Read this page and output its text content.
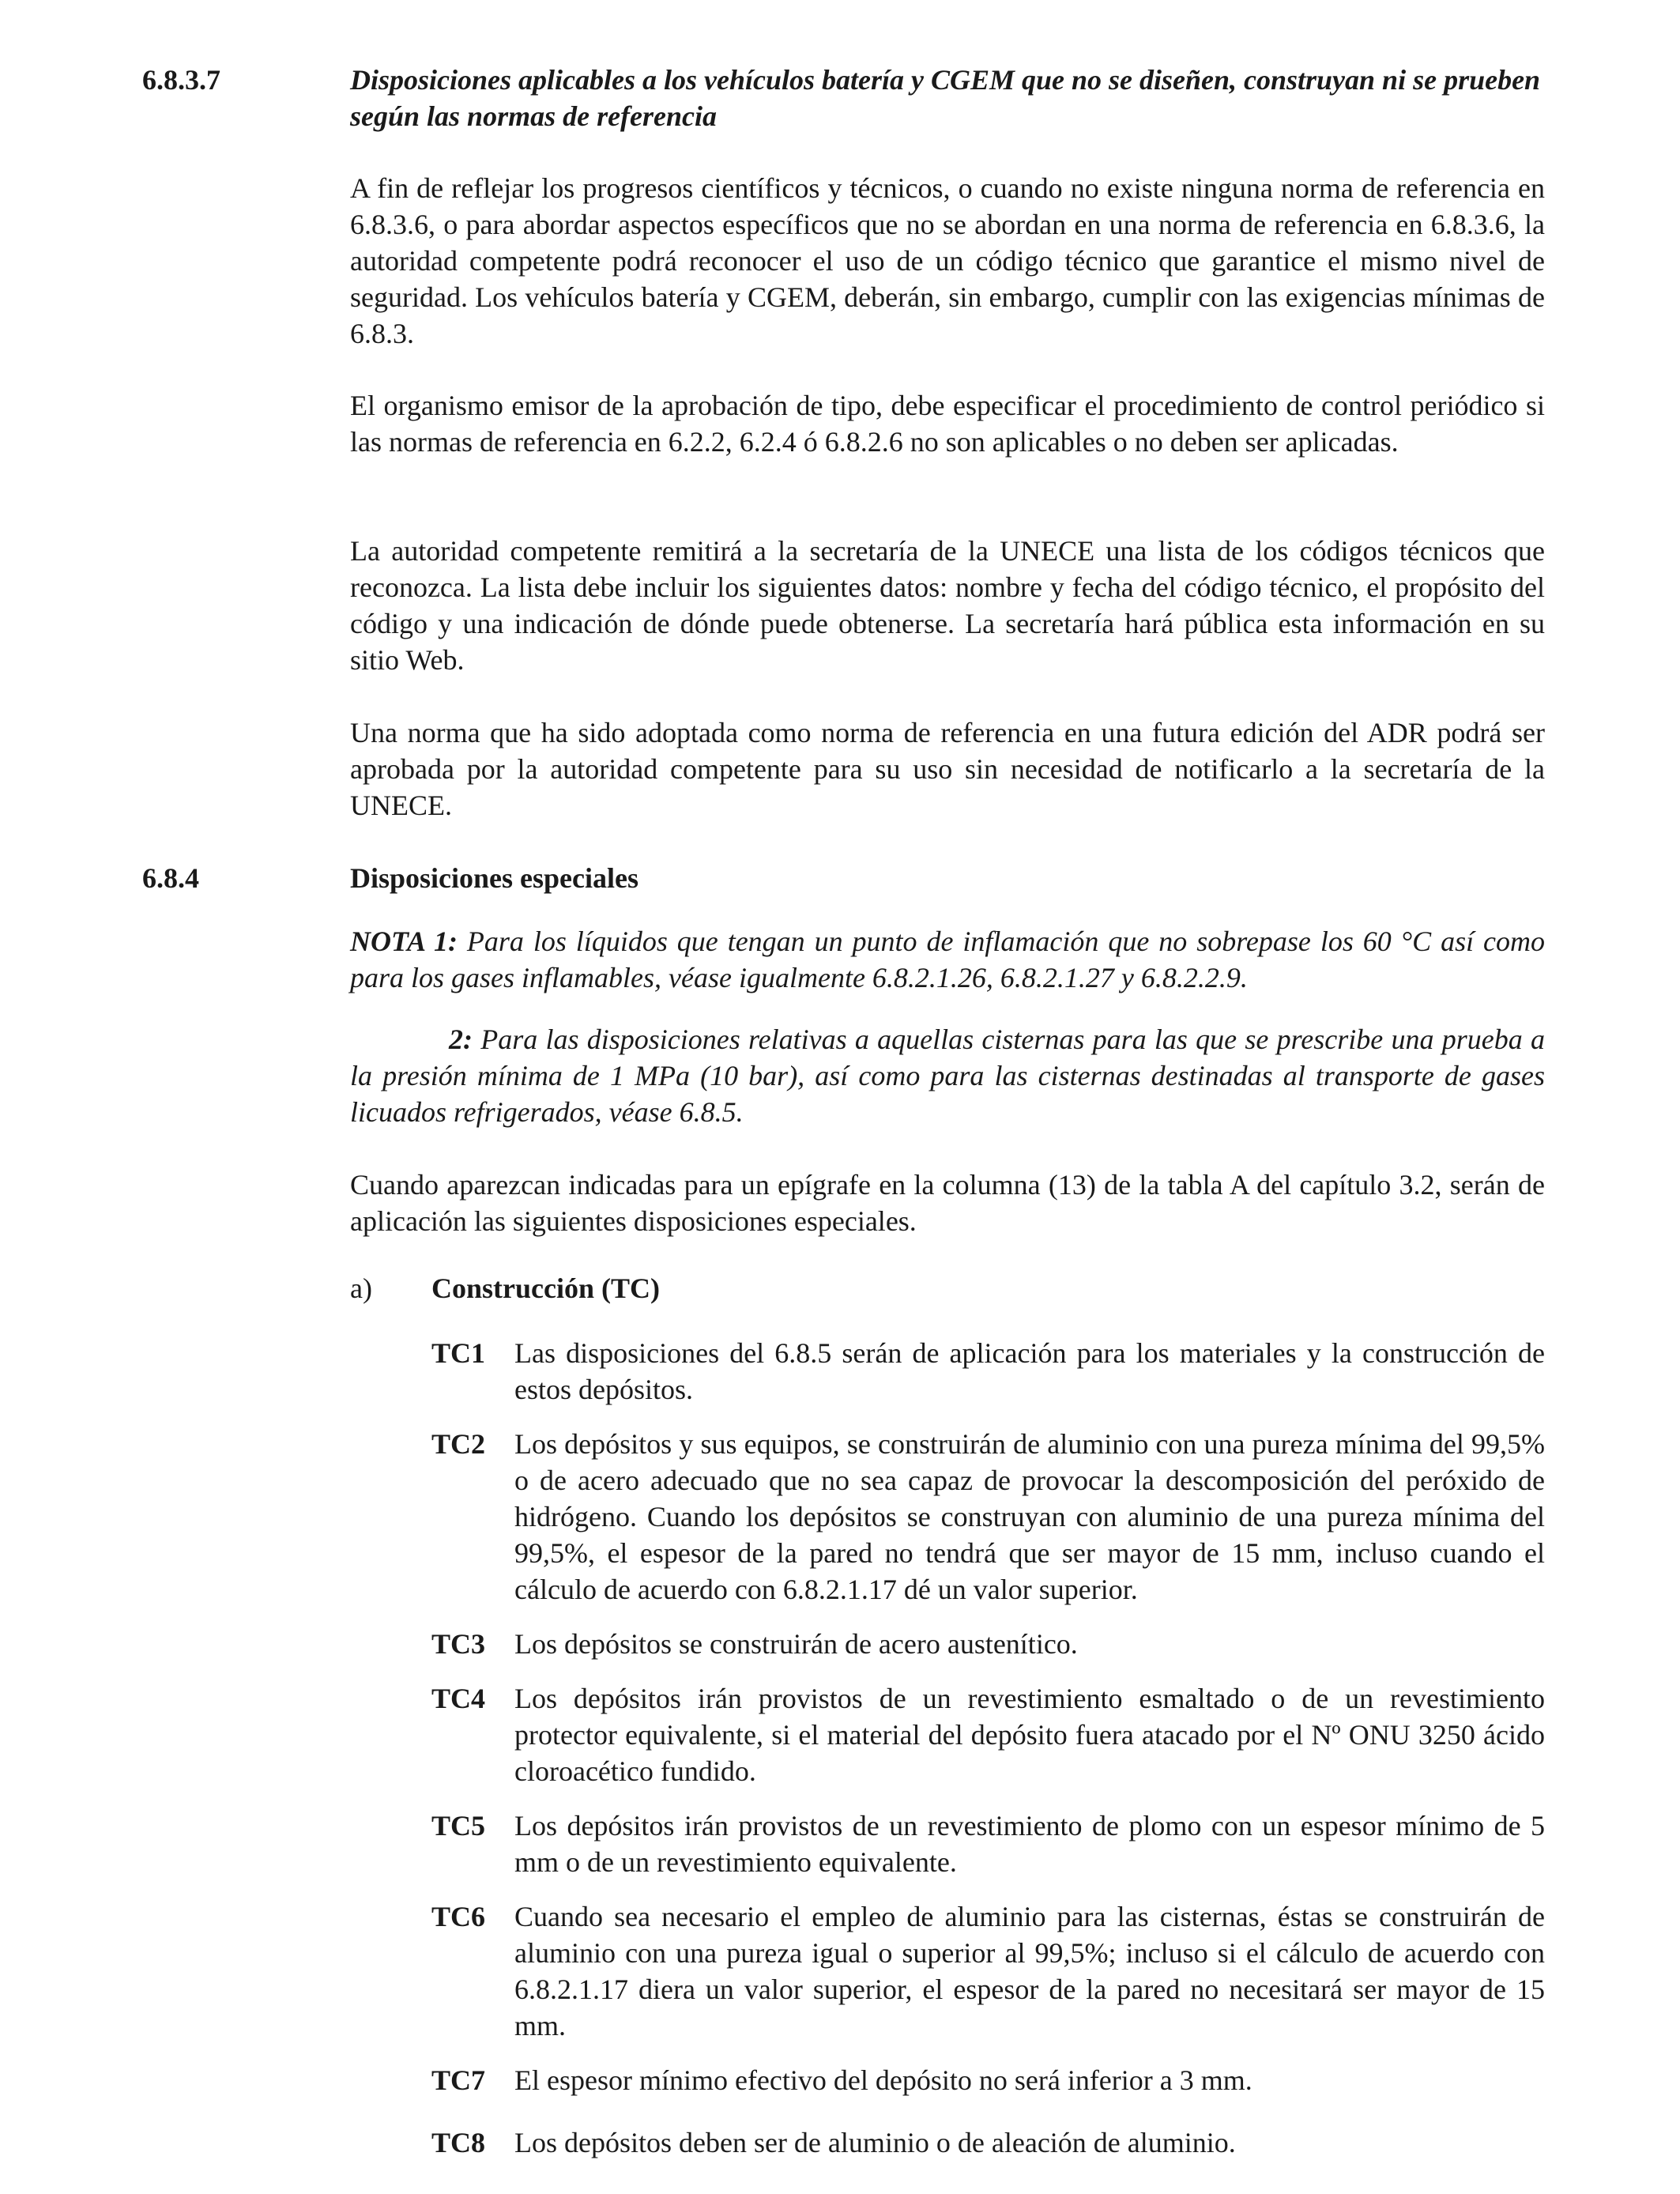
6.8.3.7	Disposiciones aplicables a los vehículos batería y CGEM que no se diseñen, construyan ni se prueben según las normas de referencia
A fin de reflejar los progresos científicos y técnicos, o cuando no existe ninguna norma de referencia en 6.8.3.6, o para abordar aspectos específicos que no se abordan en una norma de referencia en 6.8.3.6, la autoridad competente podrá reconocer el uso de un código técnico que garantice el mismo nivel de seguridad. Los vehículos batería y CGEM, deberán, sin embargo, cumplir con las exigencias mínimas de 6.8.3.
El organismo emisor de la aprobación de tipo, debe especificar el procedimiento de control periódico si las normas de referencia en 6.2.2, 6.2.4 ó 6.8.2.6 no son aplicables o no deben ser aplicadas.
La autoridad competente remitirá a la secretaría de la UNECE una lista de los códigos técnicos que reconozca. La lista debe incluir los siguientes datos: nombre y fecha del código técnico, el propósito del código y una indicación de dónde puede obtenerse. La secretaría hará pública esta información en su sitio Web.
Una norma que ha sido adoptada como norma de referencia en una futura edición del ADR podrá ser aprobada por la autoridad competente para su uso sin necesidad de notificarlo a la secretaría de la UNECE.
6.8.4	Disposiciones especiales
NOTA 1: Para los líquidos que tengan un punto de inflamación que no sobrepase los 60 °C así como para los gases inflamables, véase igualmente 6.8.2.1.26, 6.8.2.1.27 y 6.8.2.2.9.
2: Para las disposiciones relativas a aquellas cisternas para las que se prescribe una prueba a la presión mínima de 1 MPa (10 bar), así como para las cisternas destinadas al transporte de gases licuados refrigerados, véase 6.8.5.
Cuando aparezcan indicadas para un epígrafe en la columna (13) de la tabla A del capítulo 3.2, serán de aplicación las siguientes disposiciones especiales.
a) Construcción (TC)
TC1 Las disposiciones del 6.8.5 serán de aplicación para los materiales y la construcción de estos depósitos.
TC2 Los depósitos y sus equipos, se construirán de aluminio con una pureza mínima del 99,5% o de acero adecuado que no sea capaz de provocar la descomposición del peróxido de hidrógeno. Cuando los depósitos se construyan con aluminio de una pureza mínima del 99,5%, el espesor de la pared no tendrá que ser mayor de 15 mm, incluso cuando el cálculo de acuerdo con 6.8.2.1.17 dé un valor superior.
TC3 Los depósitos se construirán de acero austenítico.
TC4 Los depósitos irán provistos de un revestimiento esmaltado o de un revestimiento protector equivalente, si el material del depósito fuera atacado por el Nº ONU 3250 ácido cloroacético fundido.
TC5 Los depósitos irán provistos de un revestimiento de plomo con un espesor mínimo de 5 mm o de un revestimiento equivalente.
TC6 Cuando sea necesario el empleo de aluminio para las cisternas, éstas se construirán de aluminio con una pureza igual o superior al 99,5%; incluso si el cálculo de acuerdo con 6.8.2.1.17 diera un valor superior, el espesor de la pared no necesitará ser mayor de 15 mm.
TC7 El espesor mínimo efectivo del depósito no será inferior a 3 mm.
TC8 Los depósitos deben ser de aluminio o de aleación de aluminio.
